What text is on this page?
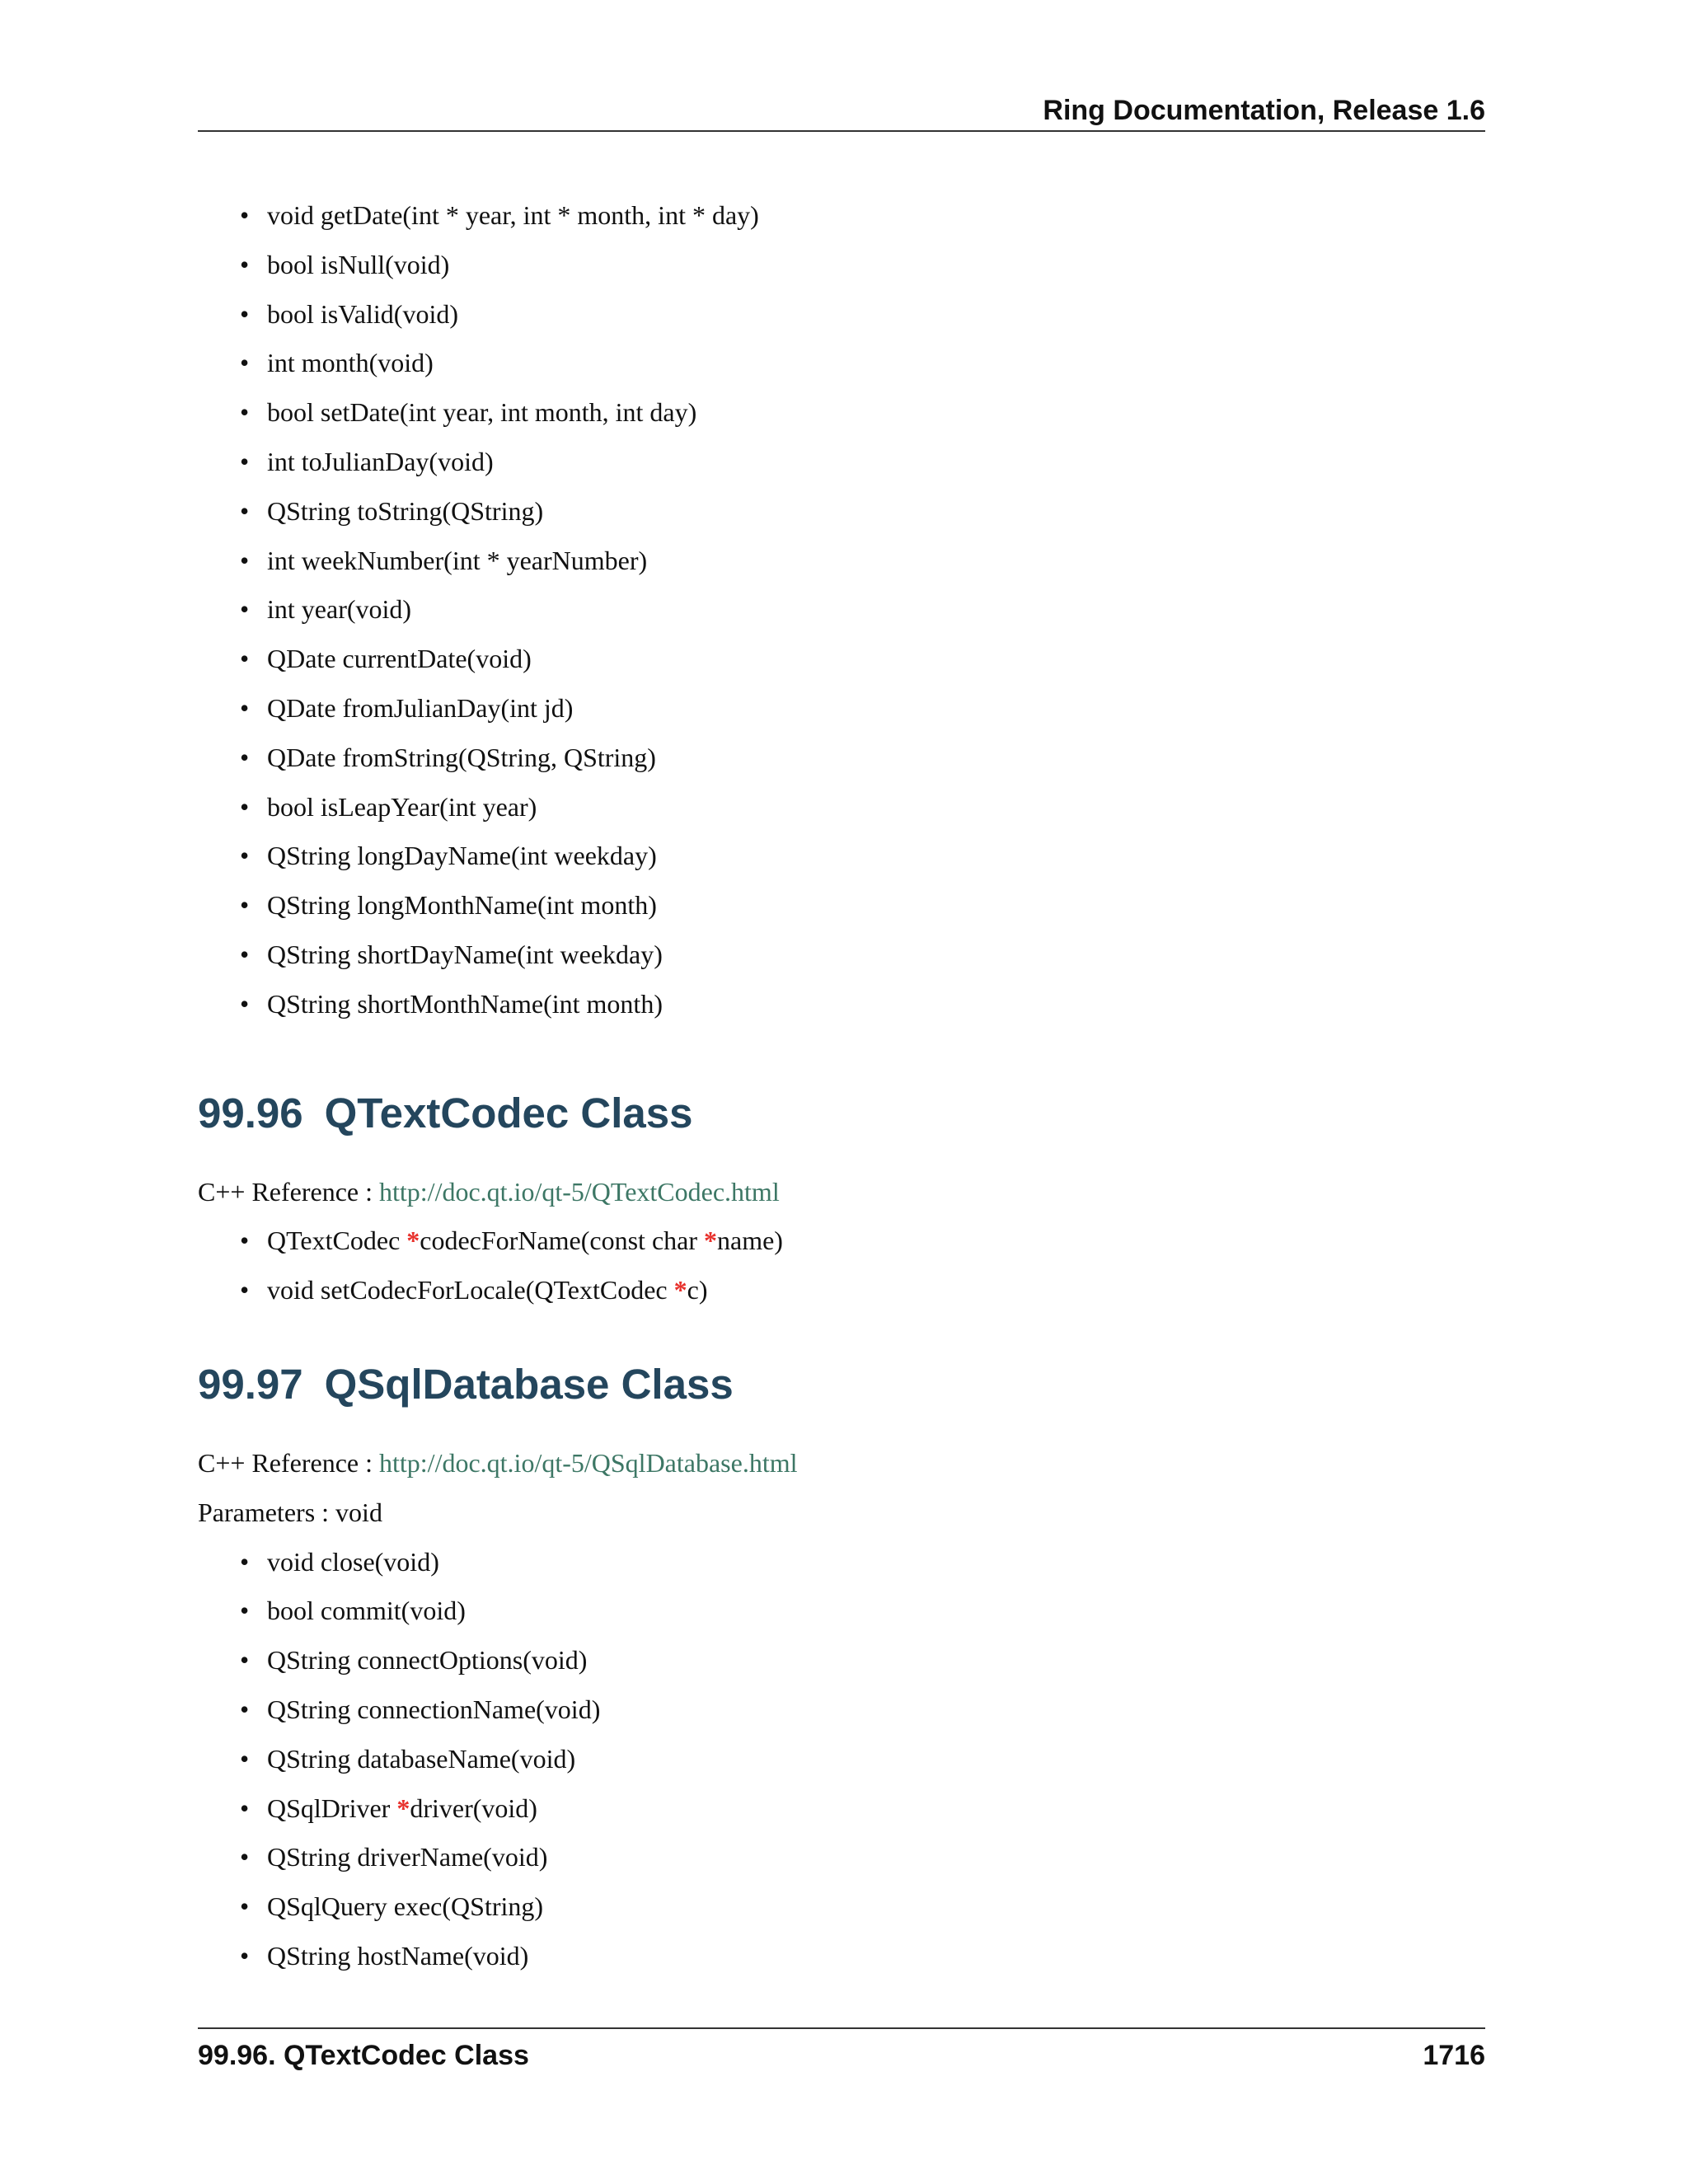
Ring Documentation, Release 1.6
• void getDate(int * year, int * month, int * day)
• bool isNull(void)
• bool isValid(void)
• int month(void)
• bool setDate(int year, int month, int day)
• int toJulianDay(void)
• QString toString(QString)
• int weekNumber(int * yearNumber)
• int year(void)
• QDate currentDate(void)
• QDate fromJulianDay(int jd)
• QDate fromString(QString, QString)
• bool isLeapYear(int year)
• QString longDayName(int weekday)
• QString longMonthName(int month)
• QString shortDayName(int weekday)
• QString shortMonthName(int month)
99.96 QTextCodec Class
C++ Reference : http://doc.qt.io/qt-5/QTextCodec.html
• QTextCodec *codecForName(const char *name)
• void setCodecForLocale(QTextCodec *c)
99.97 QSqlDatabase Class
C++ Reference : http://doc.qt.io/qt-5/QSqlDatabase.html
Parameters : void
• void close(void)
• bool commit(void)
• QString connectOptions(void)
• QString connectionName(void)
• QString databaseName(void)
• QSqlDriver *driver(void)
• QString driverName(void)
• QSqlQuery exec(QString)
• QString hostName(void)
99.96. QTextCodec Class	1716
